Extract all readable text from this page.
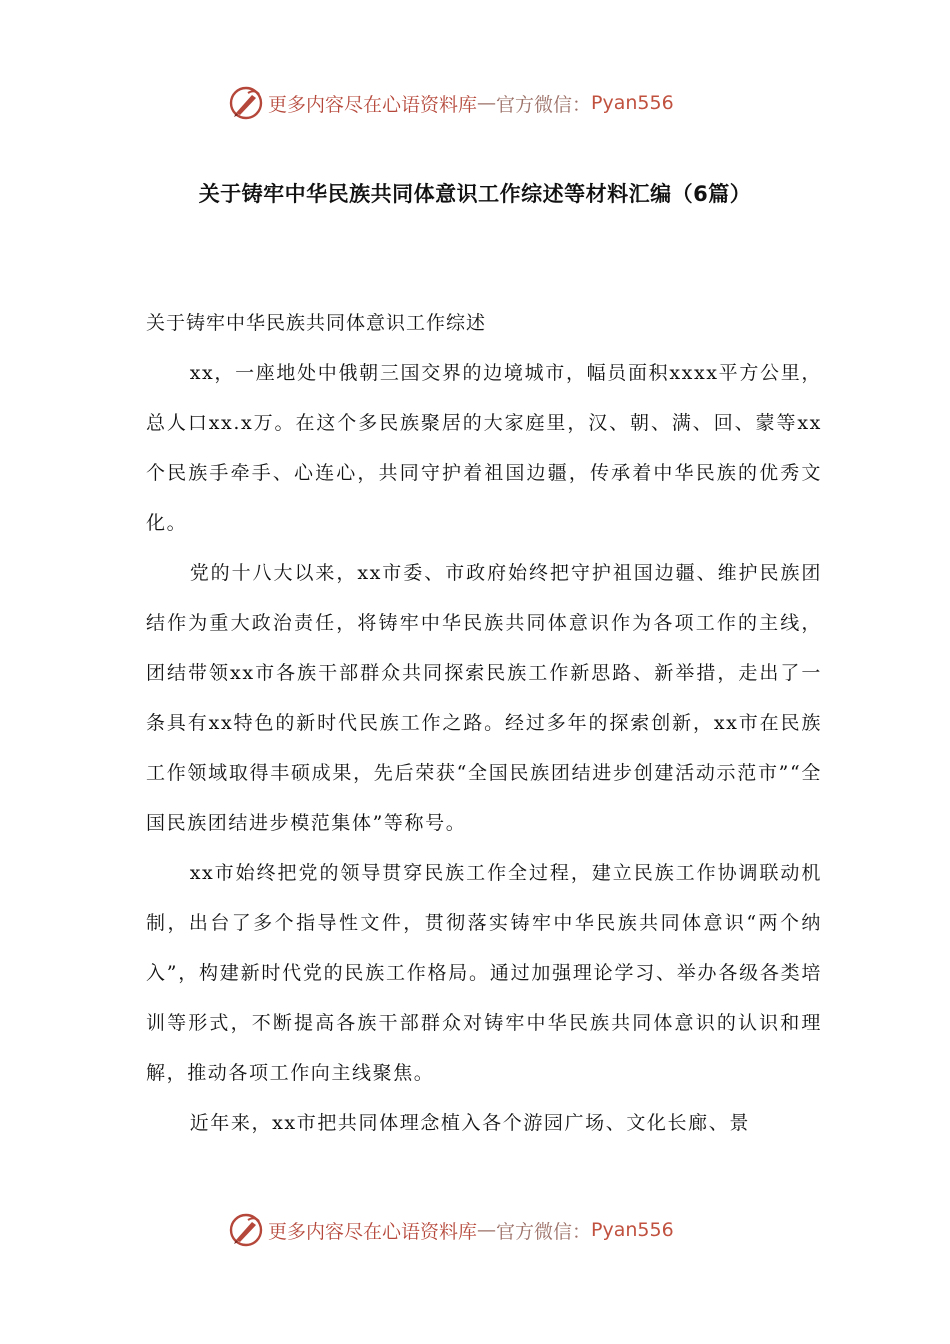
更多内容尽在心语资料库 — 官方微信： Pyan556
关于铸牢中华民族共同体意识工作综述等材料汇编（6篇）

关于铸牢中华民族共同体意识工作综述

xx，一座地处中俄朝三国交界的边境城市，幅员面积xxxx平方公里，总人口xx.x万。在这个多民族聚居的大家庭里，汉、朝、满、回、蒙等xx个民族手牵手、心连心，共同守护着祖国边疆，传承着中华民族的优秀文化。

党的十八大以来，xx市委、市政府始终把守护祖国边疆、维护民族团结作为重大政治责任，将铸牢中华民族共同体意识作为各项工作的主线，团结带领xx市各族干部群众共同探索民族工作新思路、新举措，走出了一条具有xx特色的新时代民族工作之路。经过多年的探索创新，xx市在民族工作领域取得丰硕成果，先后荣获“全国民族团结进步创建活动示范市”“全国民族团结进步模范集体”等称号。

xx市始终把党的领导贯穿民族工作全过程，建立民族工作协调联动机制，出台了多个指导性文件，贯彻落实铸牢中华民族共同体意识“两个纳入”，构建新时代党的民族工作格局。通过加强理论学习、举办各级各类培训等形式，不断提高各族干部群众对铸牢中华民族共同体意识的认识和理解，推动各项工作向主线聚焦。

近年来，xx市把共同体理念植入各个游园广场、文化长廊、景

更多内容尽在心语资料库 — 官方微信： Pyan556
